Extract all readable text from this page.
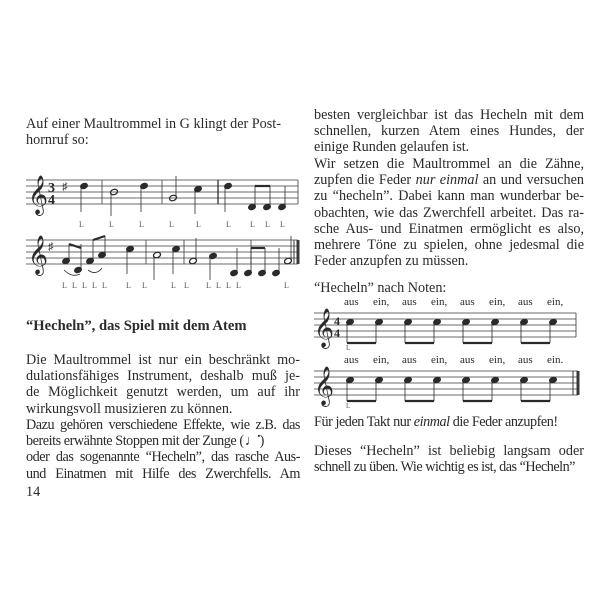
Auf einer Maultrommel in G klingt der Post-
hornruf so:

𝄞 3
4
♯
L	L	L	L	L	L L L L
𝄞 ♯
L L L L L L L	L L L L L L	L
“Hecheln”, das Spiel mit dem Atem

Die Maultrommel ist nur ein beschränkt mo-
dulationsfähiges Instrument, deshalb muß je-
de Möglichkeit genutzt werden, um auf ihr
wirkungsvoll musizieren zu können.

Dazu gehören verschiedene Effekte, wie z.B. das
bereits erwähnte Stoppen mit der Zunge (♩̇)
oder das sogenannte “Hecheln”, das rasche Aus-
und Einatmen mit Hilfe des Zwerchfells. Am

14

besten vergleichbar ist das Hecheln mit dem
schnellen, kurzen Atem eines Hundes, der
einige Runden gelaufen ist.

Wir setzen die Maultrommel an die Zähne,
zupfen die Feder nur einmal an und versuchen
zu “hecheln”. Dabei kann man wunderbar be-
obachten, wie das Zwerchfell arbeitet. Das ra-
sche Aus- und Einatmen ermöglicht es also,
mehrere Töne zu spielen, ohne jedesmal die
Feder anzupfen zu müssen.

“Hecheln” nach Noten:

aus ein, aus ein, aus ein, aus ein,
𝄞 4
4
L
aus ein, aus ein, aus ein, aus ein.
𝄞
L

Für jeden Takt nur einmal die Feder anzupfen!

Dieses “Hecheln” ist beliebig langsam oder
schnell zu üben. Wie wichtig es ist, das “Hecheln”
